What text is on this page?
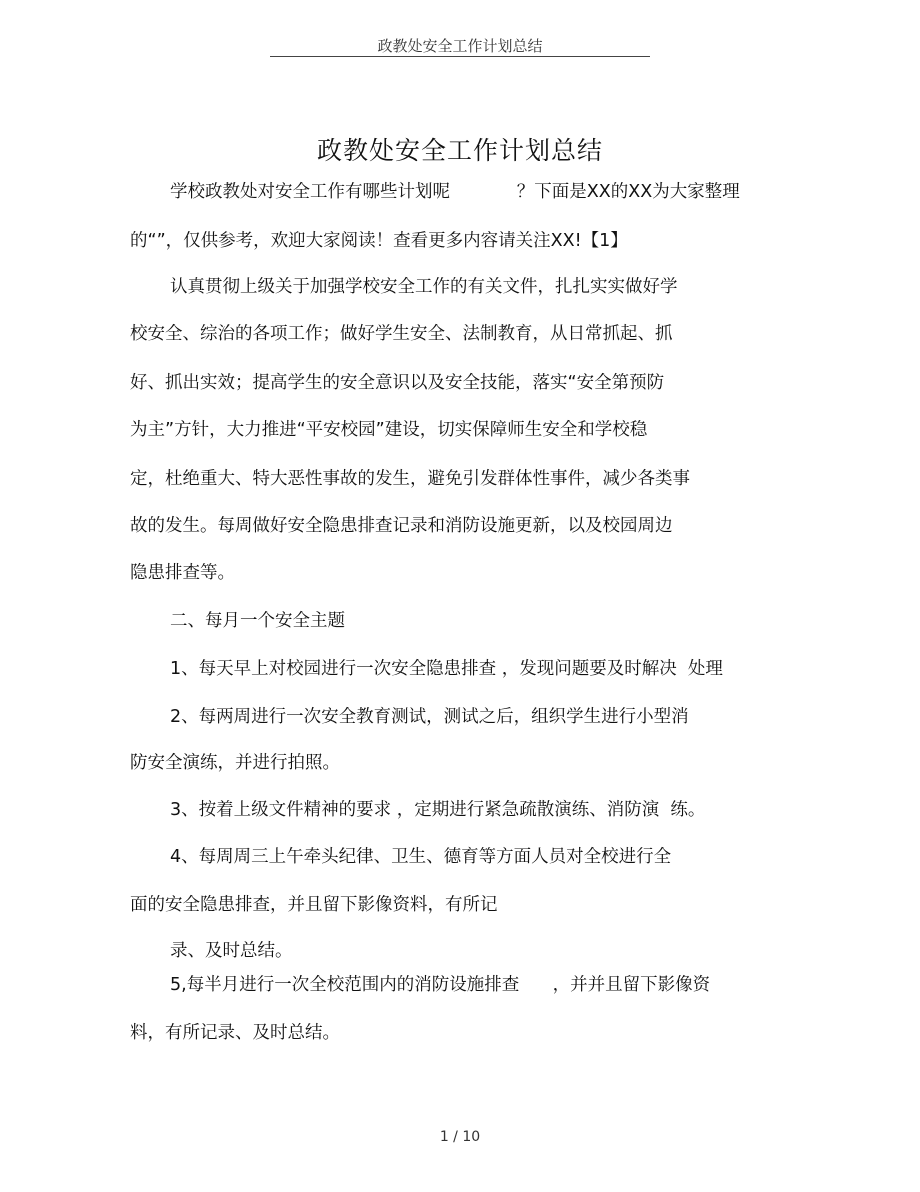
政教处安全工作计划总结
政教处安全工作计划总结
学校政教处对安全工作有哪些计划呢            ？下面是XX的XX为大家整理
的“”，仅供参考，欢迎大家阅读！查看更多内容请关注XX!【1】
认真贯彻上级关于加强学校安全工作的有关文件，扎扎实实做好学
校安全、综治的各项工作；做好学生安全、法制教育，从日常抓起、抓
好、抓出实效；提高学生的安全意识以及安全技能，落实“安全第预防
为主”方针，大力推进“平安校园”建设，切实保障师生安全和学校稳
定，杜绝重大、特大恶性事故的发生，避免引发群体性事件，减少各类事
故的发生。每周做好安全隐患排查记录和消防设施更新，以及校园周边
隐患排查等。
二、每月一个安全主题
1、每天早上对校园进行一次安全隐患排查 ，发现问题要及时解决  处理
2、每两周进行一次安全教育测试，测试之后，组织学生进行小型消
防安全演练，并进行拍照。
3、按着上级文件精神的要求 ，定期进行紧急疏散演练、消防演  练。
4、每周周三上午牵头纪律、卫生、德育等方面人员对全校进行全
面的安全隐患排查，并且留下影像资料，有所记
录、及时总结。
5,每半月进行一次全校范围内的消防设施排查      ，并并且留下影像资
料，有所记录、及时总结。
1 / 10
